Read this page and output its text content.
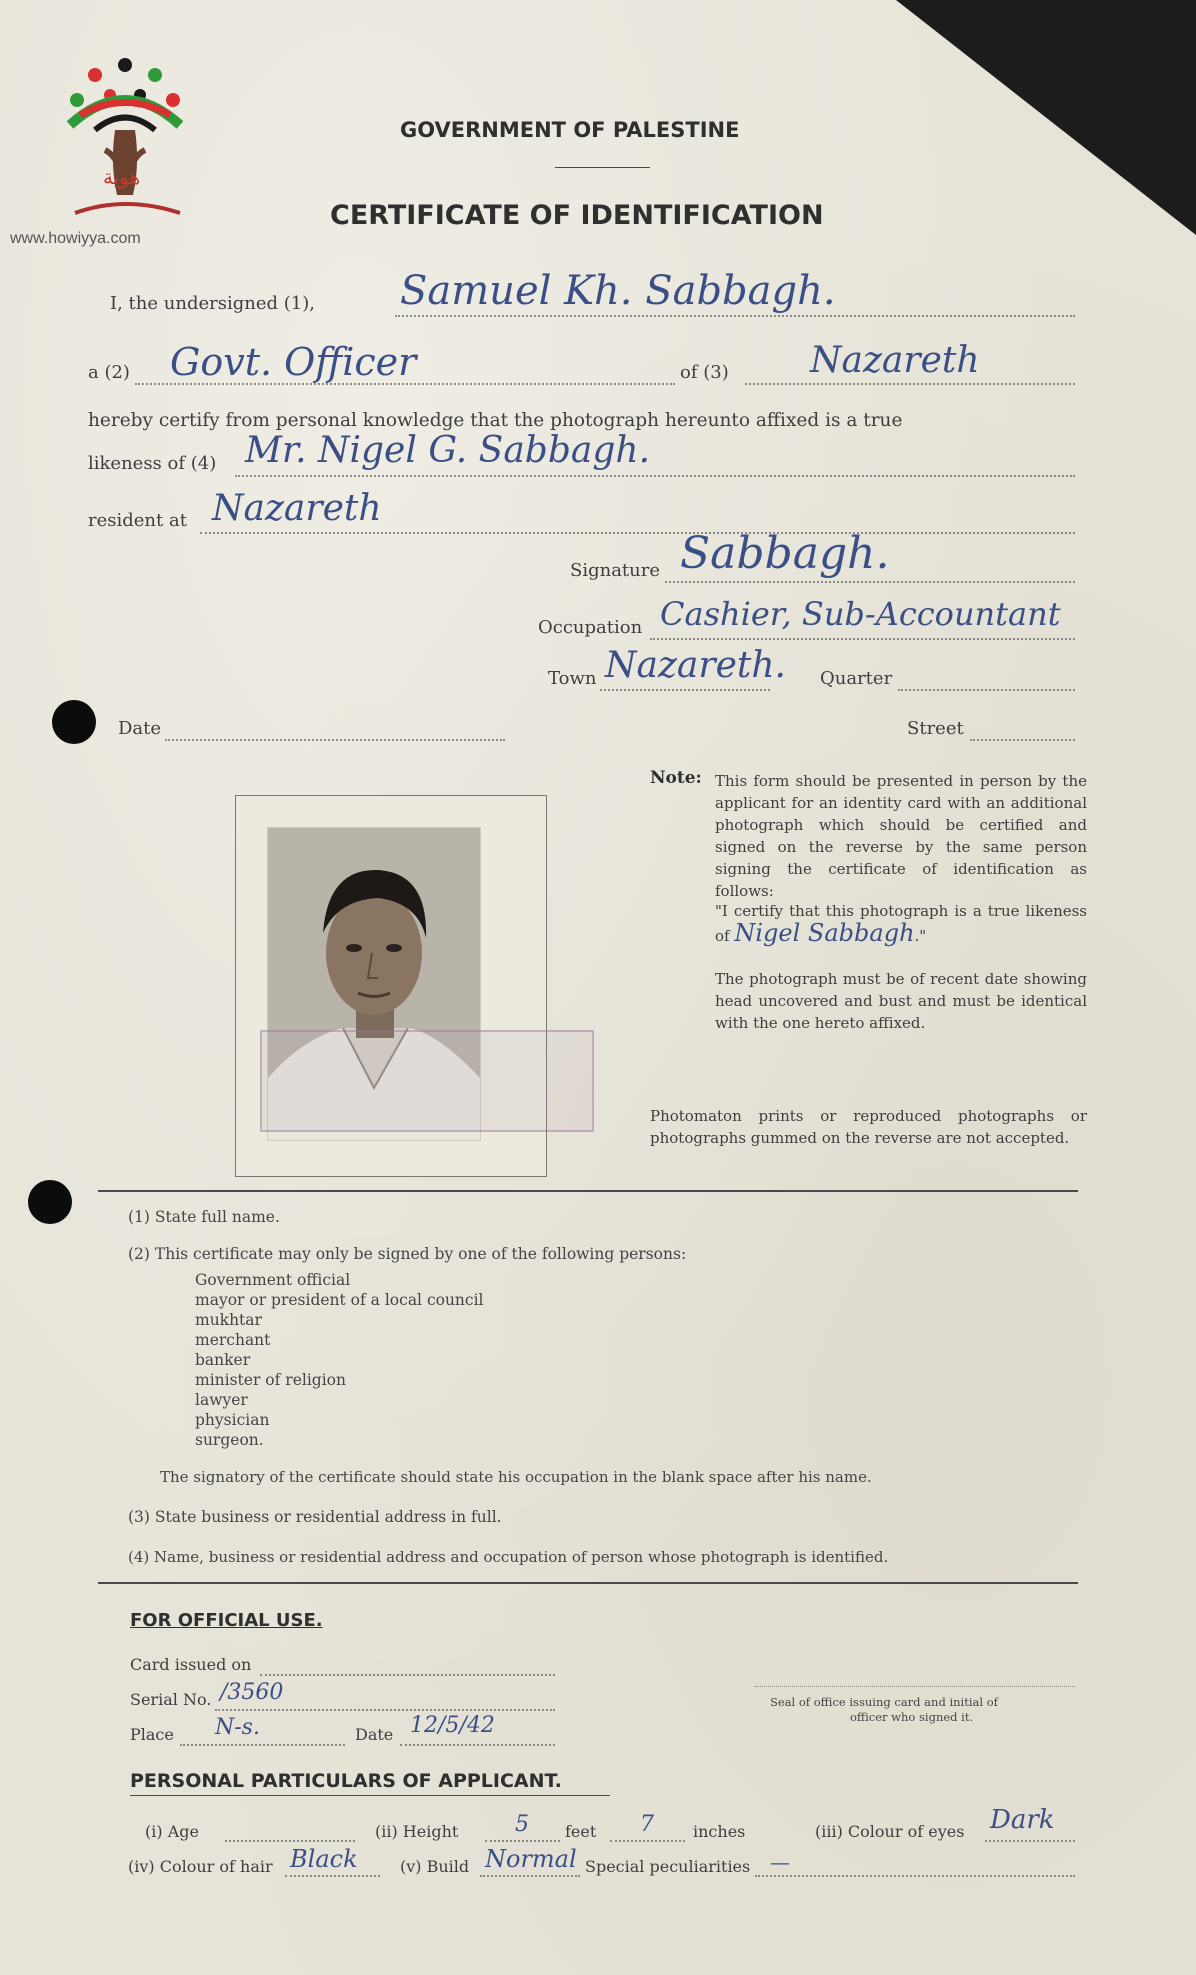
هوية
www.howiyya.com
GOVERNMENT OF PALESTINE
CERTIFICATE OF IDENTIFICATION
I, the undersigned (1), Samuel Kh. Sabbagh.
a (2) Govt. Officer	of (3) Nazareth
hereby certify from personal knowledge that the photograph hereunto affixed is a true
likeness of (4) Mr. Nigel G. Sabbagh.
resident at Nazareth
Signature Sabbagh.
Occupation Cashier, Sub-Accountant
Town Nazareth. Quarter
Date	Street
Note: This form should be presented in person by the applicant for an identity card with an additional photograph which should be certified and signed on the reverse by the same person signing the certificate of identification as follows:
"I certify that this photograph is a true likeness of Nigel Sabbagh."
The photograph must be of recent date showing head uncovered and bust and must be identical with the one hereto affixed.
Photomaton prints or reproduced photographs or photographs gummed on the reverse are not accepted.
(1) State full name.
(2) This certificate may only be signed by one of the following persons:
Government official
mayor or president of a local council
mukhtar
merchant
banker
minister of religion
lawyer
physician
surgeon.
The signatory of the certificate should state his occupation in the blank space after his name.
(3) State business or residential address in full.
(4) Name, business or residential address and occupation of person whose photograph is identified.
FOR OFFICIAL USE.
Card issued on
Serial No. /3560
Place N-s.	Date 12/5/42
Seal of office issuing card and initial of
officer who signed it.
PERSONAL PARTICULARS OF APPLICANT.
(i) Age	(ii) Height	5 feet 7 inches	(iii) Colour of eyes Dark
(iv) Colour of hair Black	(v) Build Normal Special peculiarities —
